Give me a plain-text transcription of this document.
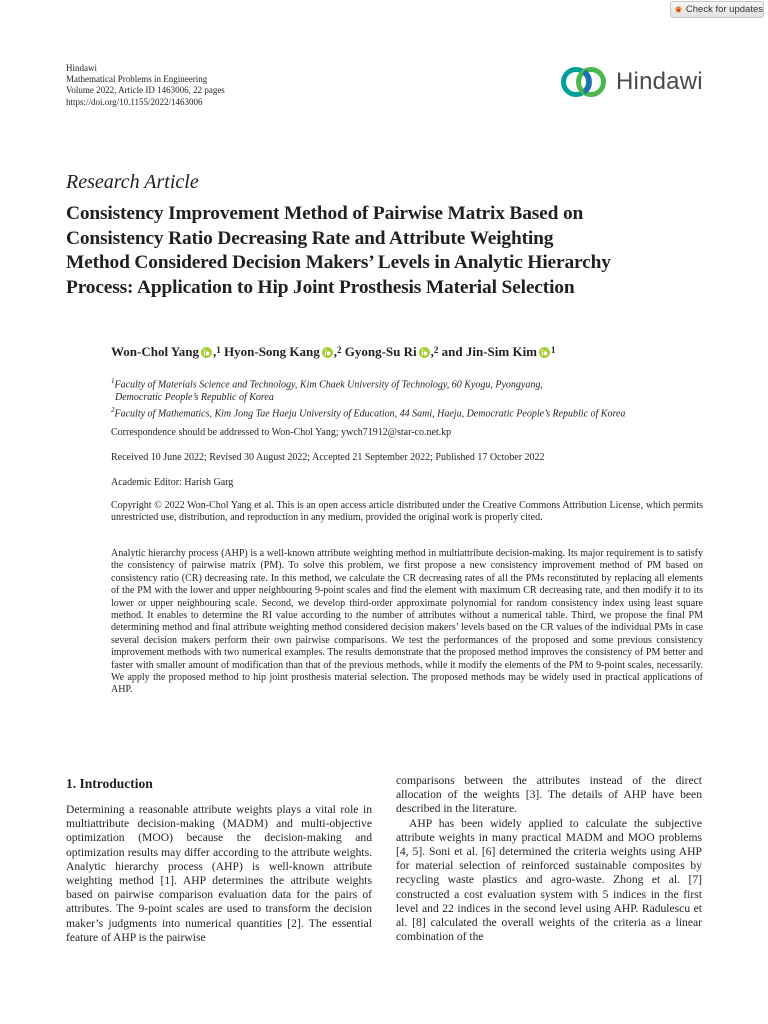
Check for updates
Hindawi
Mathematical Problems in Engineering
Volume 2022, Article ID 1463006, 22 pages
https://doi.org/10.1155/2022/1463006
Hindawi
Research Article
Consistency Improvement Method of Pairwise Matrix Based on
Consistency Ratio Decreasing Rate and Attribute Weighting
Method Considered Decision Makers’ Levels in Analytic Hierarchy
Process: Application to Hip Joint Prosthesis Material Selection
Won-Chol Yang ,$^1$
Hyon-Song Kang ,$^2$
Gyong-Su Ri ,$^2$
and Jin-Sim Kim $^1$
$^1$Faculty of Materials Science and Technology, Kim Chaek University of Technology, 60 Kyogu, Pyongyang,
Democratic People’s Republic of Korea
$^2$Faculty of Mathematics, Kim Jong Tae Haeju University of Education, 44 Sami, Haeju, Democratic People’s Republic of Korea
Correspondence should be addressed to Won-Chol Yang; ywch71912@star-co.net.kp
Received 10 June 2022; Revised 30 August 2022; Accepted 21 September 2022; Published 17 October 2022
Academic Editor: Harish Garg
Copyright © 2022 Won-Chol Yang et al. This is an open access article distributed under the Creative Commons Attribution License, which permits unrestricted use, distribution, and reproduction in any medium, provided the original work is properly cited.
Analytic hierarchy process (AHP) is a well-known attribute weighting method in multiattribute decision-making. Its major requirement is to satisfy the consistency of pairwise matrix (PM). To solve this problem, we first propose a new consistency improvement method of PM based on consistency ratio (CR) decreasing rate. In this method, we calculate the CR decreasing rates of all the PMs reconstituted by replacing all elements of the PM with the lower and upper neighbouring 9-point scales and find the element with maximum CR decreasing rate, and then modify it to its lower or upper neighbouring scale. Second, we develop third-order approximate polynomial for random consistency index using least square method. It enables to determine the RI value according to the number of attributes without a numerical table. Third, we propose the final PM determining method and final attribute weighting method considered decision makers’ levels based on the CR values of the individual PMs in case several decision makers perform their own pairwise comparisons. We test the performances of the proposed and some previous consistency improvement methods with two numerical examples. The results demonstrate that the proposed method improves the consistency of PM better and faster with smaller amount of modification than that of the previous methods, while it modify the elements of the PM to 9-point scales, necessarily. We apply the proposed method to hip joint prosthesis material selection. The proposed methods may be widely used in practical applications of AHP.
1. Introduction

Determining a reasonable attribute weights plays a vital role in multiattribute decision-making (MADM) and multi-objective optimization (MOO) because the decision-making and optimization results may differ according to the attribute weights. Analytic hierarchy process (AHP) is well-known attribute weighting method [1]. AHP determines the attribute weights based on pairwise comparison evaluation data for the pairs of attributes. The 9-point scales are used to transform the decision maker’s judgments into numerical quantities [2]. The essential feature of AHP is the pairwise

comparisons between the attributes instead of the direct allocation of the weights [3]. The details of AHP have been described in the literature.

AHP has been widely applied to calculate the subjective attribute weights in many practical MADM and MOO problems [4, 5]. Soni et al. [6] determined the criteria weights using AHP for material selection of reinforced sustainable composites by recycling waste plastics and agro-waste. Zhong et al. [7] constructed a cost evaluation system with 5 indices in the first level and 22 indices in the second level using AHP. Radulescu et al. [8] calculated the overall weights of the criteria as a linear combination of the
